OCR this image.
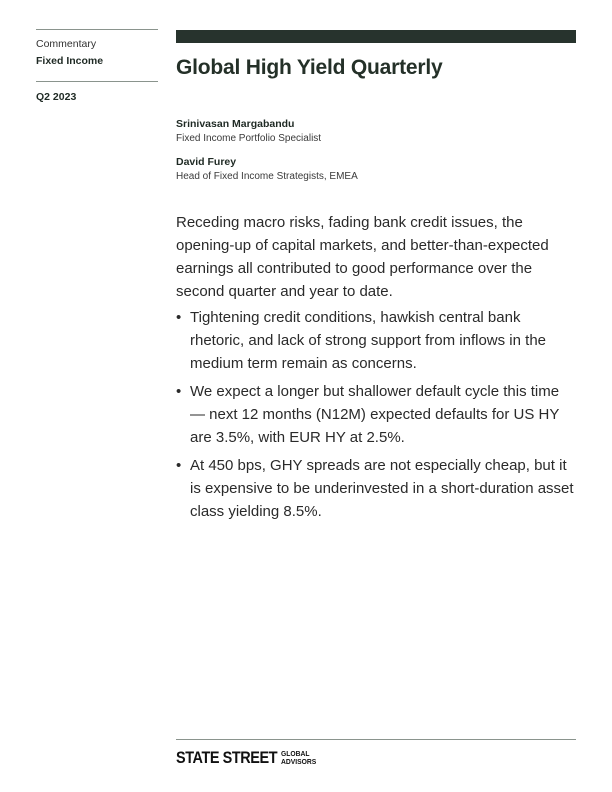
Commentary
Fixed Income
Q2 2023
Global High Yield Quarterly
Srinivasan Margabandu
Fixed Income Portfolio Specialist
David Furey
Head of Fixed Income Strategists, EMEA
Receding macro risks, fading bank credit issues, the opening-up of capital markets, and better-than-expected earnings all contributed to good performance over the second quarter and year to date.
• Tightening credit conditions, hawkish central bank rhetoric, and lack of strong support from inflows in the medium term remain as concerns.
• We expect a longer but shallower default cycle this time — next 12 months (N12M) expected defaults for US HY are 3.5%, with EUR HY at 2.5%.
• At 450 bps, GHY spreads are not especially cheap, but it is expensive to be underinvested in a short-duration asset class yielding 8.5%.
STATE STREET GLOBAL
ADVISORS
